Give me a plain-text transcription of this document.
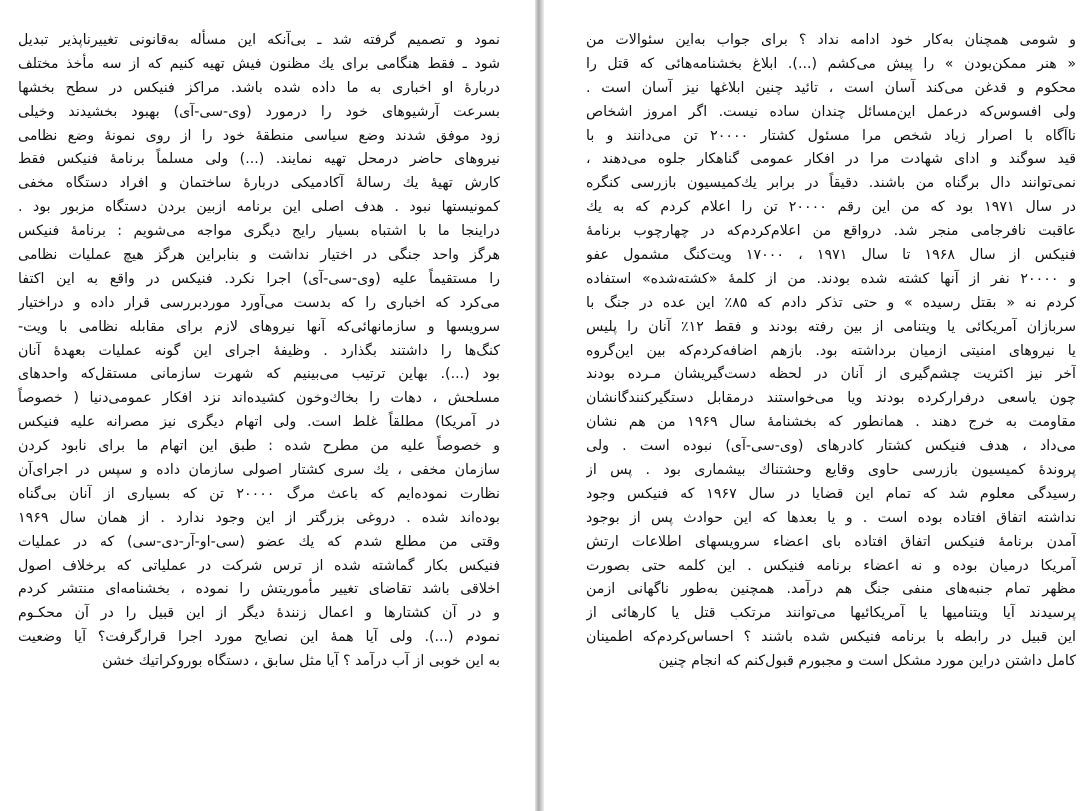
نمود و تصمیم گرفته شد ـ بی‌آنکه این مسأله به‌قانونی تغییرناپذیر تبدیل
شود ـ فقط هنگامی برای یك مظنون فیش تهیه کنیم که از سه مأخذ مختلف
دربارهٔ او اخباری به ما داده شده باشد. مراکز فنیکس در سطح بخشها
بسرعت آرشیوهای خود را درمورد (وی-سی-آی) بهبود بخشیدند وخیلی
زود موفق شدند وضع سیاسی منطقهٔ خود را از روی نمونهٔ وضع نظامی
نیروهای حاضر درمحل تهیه نمایند. (...) ولی مسلماً برنامهٔ فنیکس فقط
کارش تهیهٔ یك رسالهٔ آکادمیکی دربارهٔ ساختمان و افراد دستگاه مخفی
کمونیستها نبود . هدف اصلی این برنامه ازبین بردن دستگاه مزبور بود .
دراینجا ما با اشتباه بسیار رایج دیگری مواجه می‌شویم : برنامهٔ فنیکس
هرگز واحد جنگی در اختیار نداشت و بنابراین هرگز هیچ عملیات نظامی
را مستقیماً علیه (وی-سی-آی) اجرا نکرد. فنیکس در واقع به این اکتفا
می‌کرد که اخباری را که بدست می‌آورد موردبررسی قرار داده و دراختیار
سرویسها و سازمانهائی‌که آنها نیروهای لازم برای مقابله نظامی با ویت-
کنگ‌ها را داشتند بگذارد . وظیفهٔ اجرای این گونه عملیات بعهدهٔ آنان
بود (...). بهاین ترتیب می‌بینیم که شهرت سازمانی مستقل‌که واحدهای
مسلحش ، دهات را بخاك‌وخون کشیده‌اند نزد افکار عمومی‌دنیا ( خصوصاً
در آمریکا) مطلقاً غلط است. ولی اتهام دیگری نیز مصرانه علیه فنیکس
و خصوصاً علیه من مطرح شده : طبق این اتهام ما برای نابود کردن
سازمان مخفی ، یك سری کشتار اصولی سازمان داده و سپس در اجرای‌آن
نظارت نموده‌ایم که باعث مرگ ۲۰۰۰۰ تن که بسیاری از آنان بی‌گناه
بوده‌اند شده . دروغی بزرگتر از این وجود ندارد . از همان سال ۱۹۶۹
وقتی من مطلع شدم که یك عضو (سی-او-آر-دی-سی) که در عملیات
فنیکس بکار گماشته شده از ترس شرکت در عملیاتی که برخلاف اصول
اخلاقی باشد تقاضای تغییر مأموریتش را نموده ، بخشنامه‌ای منتشر کردم
و در آن کشتارها و اعمال زنندهٔ دیگر از این قبیل را در آن محکـوم
نمودم (...). ولی آیا همهٔ این نصایح مورد اجرا قرارگرفت؟ آیا وضعیت
به این خوبی از آب درآمد ؟ آیا مثل سابق ، دستگاه بوروکراتیك خشن
و شومی همچنان به‌کار خود ادامه نداد ؟ برای جواب به‌این سئوالات من
« هنر ممکن‌بودن » را پیش می‌کشم (...). ابلاغ بخشنامه‌هائی که قتل را
محکوم و قدغن می‌کند آسان است ، تائید چنین ابلاغها نیز آسان است .
ولی افسوس‌که درعمل این‌مسائل چندان ساده نیست. اگر امروز اشخاص
ناآگاه با اصرار زیاد شخص مرا مسئول کشتار ۲۰۰۰۰ تن می‌دانند و با
قید سوگند و ادای شهادت مرا در افکار عمومی گناهکار جلوه می‌دهند ،
نمی‌توانند دال برگناه من باشند. دقیقاً در برابر یك‌کمیسیون بازرسی کنگره
در سال ۱۹۷۱ بود که من این رقم ۲۰۰۰۰ تن را اعلام کردم که به یك
عاقبت نافرجامی منجر شد. درواقع من اعلام‌کردم‌که در چهارچوب برنامهٔ
فنیکس از سال ۱۹۶۸ تا سال ۱۹۷۱ ، ۱۷۰۰۰ ویت‌کنگ مشمول عفو
و ۲۰۰۰۰ نفر از آنها کشته شده بودند. من از کلمهٔ «کشته‌شده» استفاده
کردم نه « بقتل رسیده » و حتی تذکر دادم که ۸۵٪ این عده در جنگ با
سربازان آمریکائی یا ویتنامی از بین رفته بودند و فقط ۱۲٪ آنان را پلیس
یا نیروهای امنیتی ازمیان برداشته بود. بازهم اضافه‌کردم‌که بین این‌گروه
آخر نیز اکثریت چشم‌گیری از آنان در لحظه دست‌گیریشان مـرده بودند
چون یاسعی درفرارکرده بودند ویا می‌خواستند درمقابل دستگیرکنندگانشان
مقاومت به خرج دهند . همانطور که بخشنامهٔ سال ۱۹۶۹ من هم نشان
می‌داد ، هدف فنیکس کشتار کادرهای (وی-سی-آی) نبوده است . ولی
پروندهٔ کمیسیون بازرسی حاوی وقایع وحشتناك بیشماری بود . پس از
رسیدگی معلوم شد که تمام این قضایا در سال ۱۹۶۷ که فنیکس وجود
نداشته اتفاق افتاده بوده است . و یا بعدها که این حوادث پس از بوجود
آمدن برنامهٔ فنیکس اتفاق افتاده بای اعضاء سرویسهای اطلاعات ارتش
آمریکا درمیان بوده و نه اعضاء برنامه فنیکس . این کلمه حتی بصورت
مظهر تمام جنبه‌های منفی جنگ هم درآمد. همچنین به‌طور ناگهانی ازمن
پرسیدند آیا ویتنامیها یا آمریکائیها می‌توانند مرتکب قتل یا کارهائی از
این قبیل در رابطه با برنامه فنیکس شده باشند ؟ احساس‌کردم‌که اطمینان
کامل داشتن دراین مورد مشکل است و مجبورم قبول‌کنم که انجام چنین
